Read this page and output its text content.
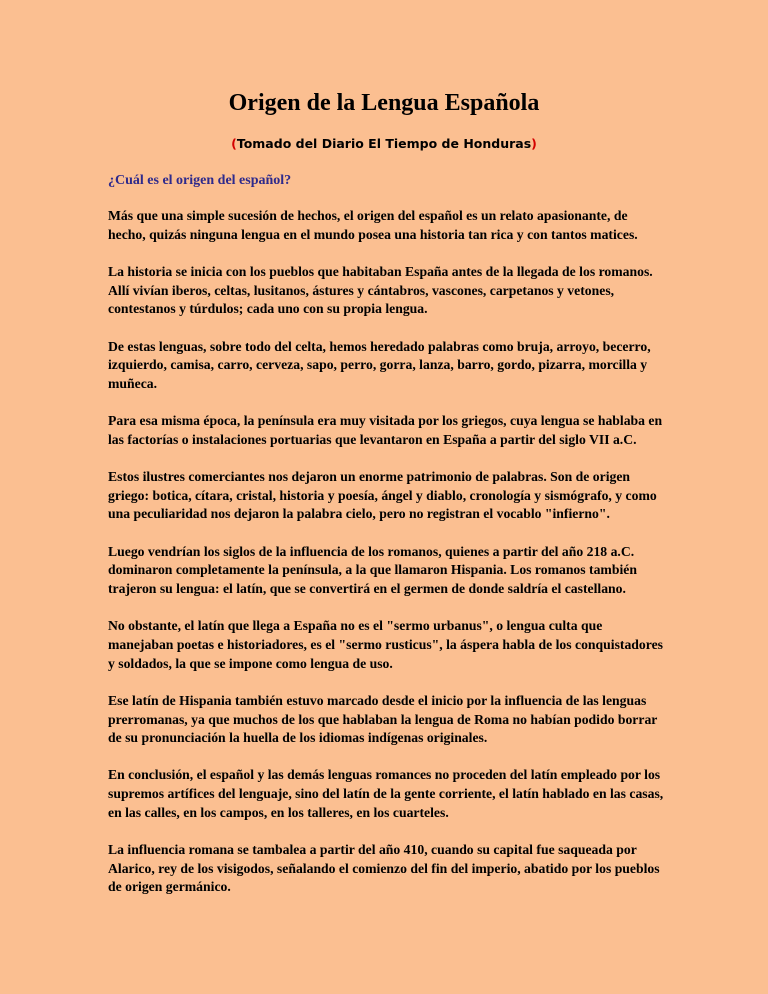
Origen de la Lengua Española
(Tomado del Diario El Tiempo de Honduras)
¿Cuál es el origen del español?

Más que una simple sucesión de hechos, el origen del español es un relato apasionante, de hecho, quizás ninguna lengua en el mundo posea una historia tan rica y con tantos matices.

La historia se inicia con los pueblos que habitaban España antes de la llegada de los romanos. Allí vivían iberos, celtas, lusitanos, ástures y cántabros, vascones, carpetanos y vetones, contestanos y túrdulos; cada uno con su propia lengua.

De estas lenguas, sobre todo del celta, hemos heredado palabras como bruja, arroyo, becerro, izquierdo, camisa, carro, cerveza, sapo, perro, gorra, lanza, barro, gordo, pizarra, morcilla y muñeca.

Para esa misma época, la península era muy visitada por los griegos, cuya lengua se hablaba en las factorías o instalaciones portuarias que levantaron en España a partir del siglo VII a.C.

Estos ilustres comerciantes nos dejaron un enorme patrimonio de palabras. Son de origen griego: botica, cítara, cristal, historia y poesía, ángel y diablo, cronología y sismógrafo, y como una peculiaridad nos dejaron la palabra cielo, pero no registran el vocablo "infierno".

Luego vendrían los siglos de la influencia de los romanos, quienes a partir del año 218 a.C. dominaron completamente la península, a la que llamaron Hispania. Los romanos también trajeron su lengua: el latín, que se convertirá en el germen de donde saldría el castellano.

No obstante, el latín que llega a España no es el "sermo urbanus", o lengua culta que manejaban poetas e historiadores, es el "sermo rusticus", la áspera habla de los conquistadores y soldados, la que se impone como lengua de uso.

Ese latín de Hispania también estuvo marcado desde el inicio por la influencia de las lenguas prerromanas, ya que muchos de los que hablaban la lengua de Roma no habían podido borrar de su pronunciación la huella de los idiomas indígenas originales.

En conclusión, el español y las demás lenguas romances no proceden del latín empleado por los supremos artífices del lenguaje, sino del latín de la gente corriente, el latín hablado en las casas, en las calles, en los campos, en los talleres, en los cuarteles.

La influencia romana se tambalea a partir del año 410, cuando su capital fue saqueada por Alarico, rey de los visigodos, señalando el comienzo del fin del imperio, abatido por los pueblos de origen germánico.
